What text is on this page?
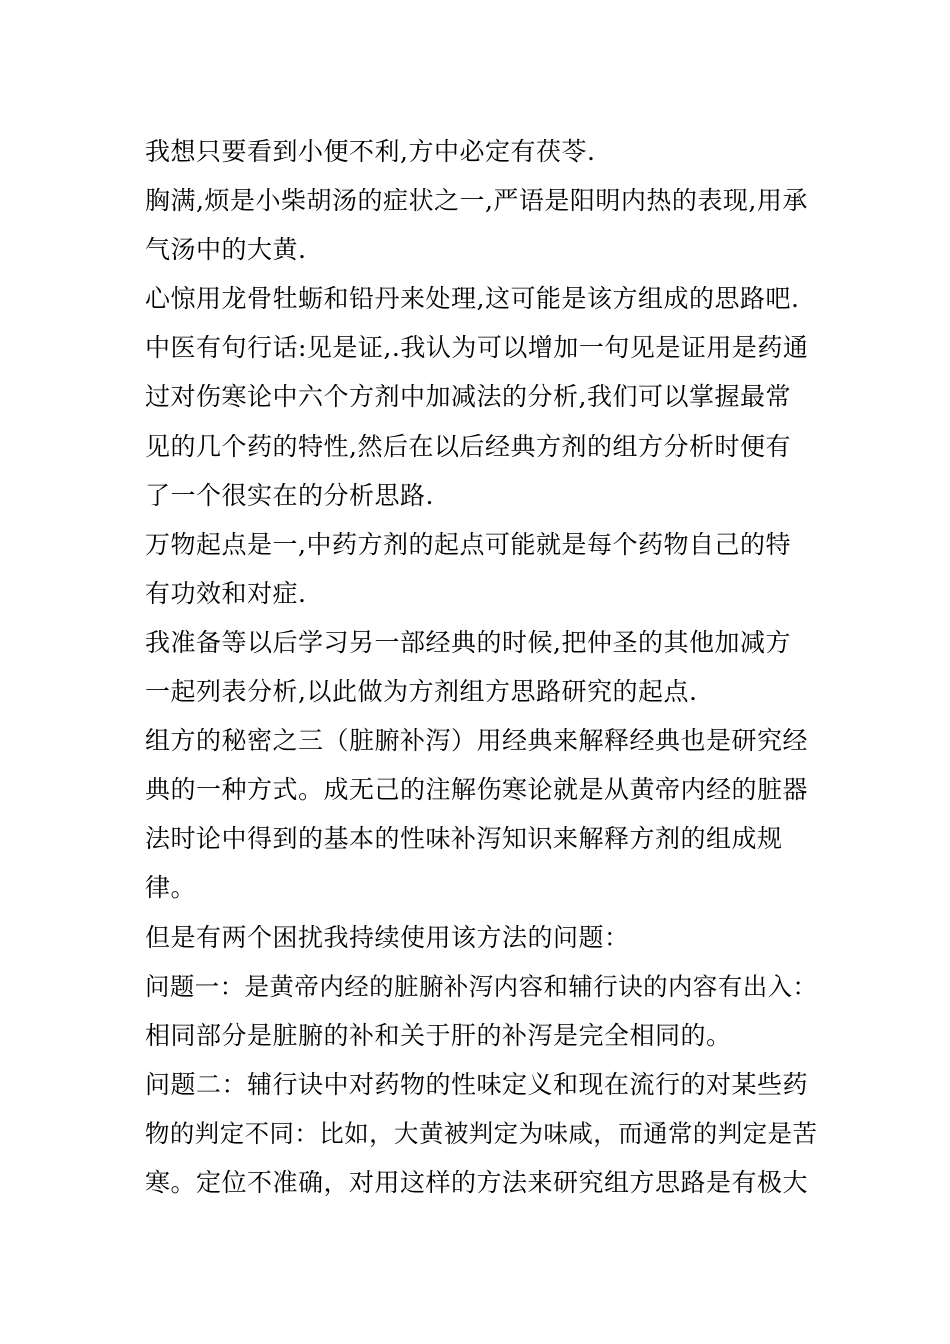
我想只要看到小便不利,方中必定有茯苓.
胸满,烦是小柴胡汤的症状之一,严语是阳明内热的表现,用承
气汤中的大黄.
心惊用龙骨牡蛎和铅丹来处理,这可能是该方组成的思路吧.
中医有句行话:见是证,.我认为可以增加一句见是证用是药通
过对伤寒论中六个方剂中加减法的分析,我们可以掌握最常
见的几个药的特性,然后在以后经典方剂的组方分析时便有
了一个很实在的分析思路.
万物起点是一,中药方剂的起点可能就是每个药物自己的特
有功效和对症.
我准备等以后学习另一部经典的时候,把仲圣的其他加减方
一起列表分析,以此做为方剂组方思路研究的起点.
组方的秘密之三（脏腑补泻）用经典来解释经典也是研究经
典的一种方式。成无己的注解伤寒论就是从黄帝内经的脏器
法时论中得到的基本的性味补泻知识来解释方剂的组成规
律。
但是有两个困扰我持续使用该方法的问题：
问题一：是黄帝内经的脏腑补泻内容和辅行诀的内容有出入：
相同部分是脏腑的补和关于肝的补泻是完全相同的。
问题二：辅行诀中对药物的性味定义和现在流行的对某些药
物的判定不同：比如，大黄被判定为味咸，而通常的判定是苦
寒。定位不准确，对用这样的方法来研究组方思路是有极大
